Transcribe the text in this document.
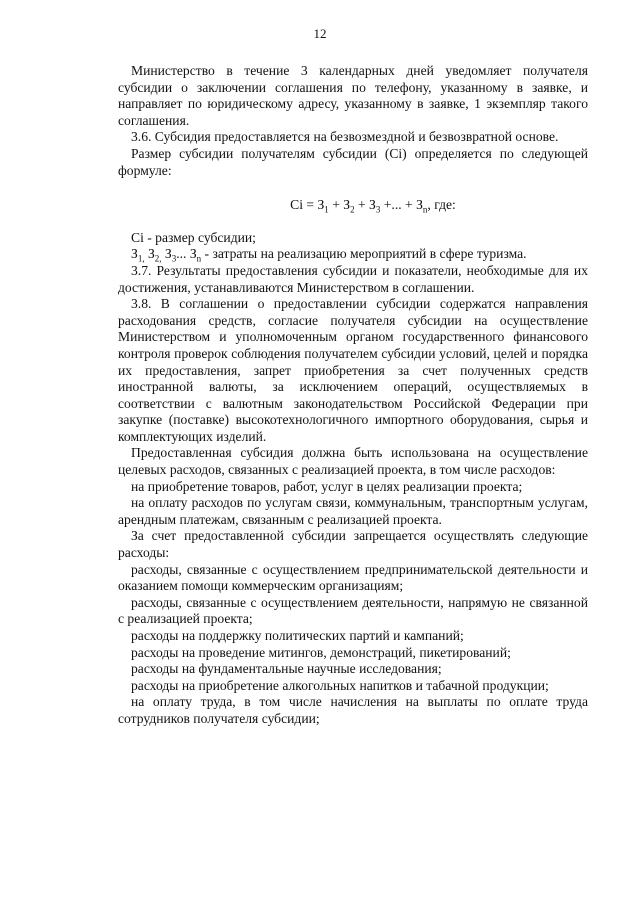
12

Министерство в течение 3 календарных дней уведомляет получателя субсидии о заключении соглашения по телефону, указанному в заявке, и направляет по юридическому адресу, указанному в заявке, 1 экземпляр такого соглашения.

3.6. Субсидия предоставляется на безвозмездной и безвозвратной основе.

Размер субсидии получателям субсидии (Ci) определяется по следующей формуле:

$Ci = З_1 + З_2 + З_3$ +... + $З_n$, где:

Ci - размер субсидии;

$З_{1,}$ $З_{2,}$ $З_3$... $З_n$ - затраты на реализацию мероприятий в сфере туризма.

3.7. Результаты предоставления субсидии и показатели, необходимые для их достижения, устанавливаются Министерством в соглашении.

3.8. В соглашении о предоставлении субсидии содержатся направления расходования средств, согласие получателя субсидии на осуществление Министерством и уполномоченным органом государственного финансового контроля проверок соблюдения получателем субсидии условий, целей и порядка их предоставления, запрет приобретения за счет полученных средств иностранной валюты, за исключением операций, осуществляемых в соответствии с валютным законодательством Российской Федерации при закупке (поставке) высокотехнологичного импортного оборудования, сырья и комплектующих изделий.

Предоставленная субсидия должна быть использована на осуществление целевых расходов, связанных с реализацией проекта, в том числе расходов:

на приобретение товаров, работ, услуг в целях реализации проекта;

на оплату расходов по услугам связи, коммунальным, транспортным услугам, арендным платежам, связанным с реализацией проекта.

За счет предоставленной субсидии запрещается осуществлять следующие расходы:

расходы, связанные с осуществлением предпринимательской деятельности и оказанием помощи коммерческим организациям;

расходы, связанные с осуществлением деятельности, напрямую не связанной с реализацией проекта;

расходы на поддержку политических партий и кампаний;

расходы на проведение митингов, демонстраций, пикетирований;

расходы на фундаментальные научные исследования;

расходы на приобретение алкогольных напитков и табачной продукции;

на оплату труда, в том числе начисления на выплаты по оплате труда сотрудников получателя субсидии;
